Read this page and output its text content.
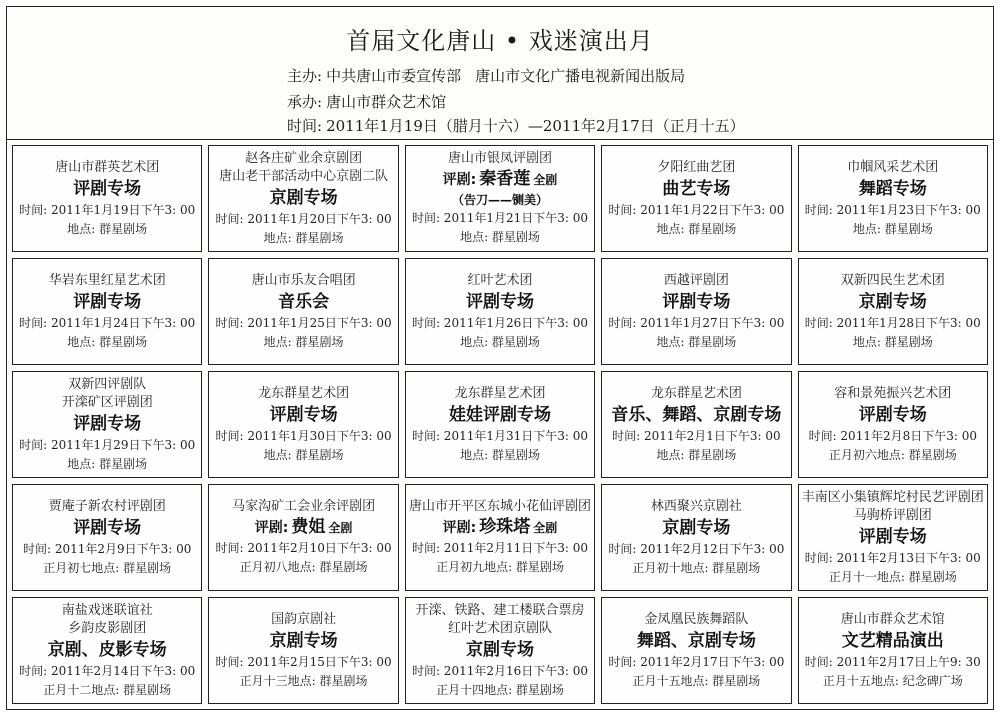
首届文化唐山 • 戏迷演出月
主办: 中共唐山市委宣传部 唐山市文化广播电视新闻出版局
承办: 唐山市群众艺术馆
时间: 2011年1月19日（腊月十六）—2011年2月17日（正月十五）
唐山市群英艺术团
评剧专场
时间: 2011年1月19日下午3: 00
地点: 群星剧场
赵各庄矿业余京剧团
唐山老干部活动中心京剧二队
京剧专场
时间: 2011年1月20日下午3: 00
地点: 群星剧场
唐山市银凤评剧团
评剧: 秦香莲 全剧
（告刀——铡美）
时间: 2011年1月21日下午3: 00
地点: 群星剧场
夕阳红曲艺团
曲艺专场
时间: 2011年1月22日下午3: 00
地点: 群星剧场
巾帼风采艺术团
舞蹈专场
时间: 2011年1月23日下午3: 00
地点: 群星剧场
华岩东里红星艺术团
评剧专场
时间: 2011年1月24日下午3: 00
地点: 群星剧场
唐山市乐友合唱团
音乐会
时间: 2011年1月25日下午3: 00
地点: 群星剧场
红叶艺术团
评剧专场
时间: 2011年1月26日下午3: 00
地点: 群星剧场
西越评剧团
评剧专场
时间: 2011年1月27日下午3: 00
地点: 群星剧场
双新四民生艺术团
京剧专场
时间: 2011年1月28日下午3: 00
地点: 群星剧场
双新四评剧队
开滦矿区评剧团
评剧专场
时间: 2011年1月29日下午3: 00
地点: 群星剧场
龙东群星艺术团
评剧专场
时间: 2011年1月30日下午3: 00
地点: 群星剧场
龙东群星艺术团
娃娃评剧专场
时间: 2011年1月31日下午3: 00
地点: 群星剧场
龙东群星艺术团
音乐、舞蹈、京剧专场
时间: 2011年2月1日下午3: 00
地点: 群星剧场
容和景苑振兴艺术团
评剧专场
时间: 2011年2月8日下午3: 00
正月初六地点: 群星剧场
贾庵子新农村评剧团
评剧专场
时间: 2011年2月9日下午3: 00
正月初七地点: 群星剧场
马家沟矿工会业余评剧团
评剧: 费姐 全剧
时间: 2011年2月10日下午3: 00
正月初八地点: 群星剧场
唐山市开平区东城小花仙评剧团
评剧: 珍珠塔 全剧
时间: 2011年2月11日下午3: 00
正月初九地点: 群星剧场
林西聚兴京剧社
京剧专场
时间: 2011年2月12日下午3: 00
正月初十地点: 群星剧场
丰南区小集镇辉坨村民艺评剧团
马驹桥评剧团
评剧专场
时间: 2011年2月13日下午3: 00
正月十一地点: 群星剧场
南盐戏迷联谊社
乡韵皮影剧团
京剧、皮影专场
时间: 2011年2月14日下午3: 00
正月十二地点: 群星剧场
国韵京剧社
京剧专场
时间: 2011年2月15日下午3: 00
正月十三地点: 群星剧场
开滦、铁路、建工楼联合票房
红叶艺术团京剧队
京剧专场
时间: 2011年2月16日下午3: 00
正月十四地点: 群星剧场
金凤凰民族舞蹈队
舞蹈、京剧专场
时间: 2011年2月17日下午3: 00
正月十五地点: 群星剧场
唐山市群众艺术馆
文艺精品演出
时间: 2011年2月17日上午9: 30
正月十五地点: 纪念碑广场
